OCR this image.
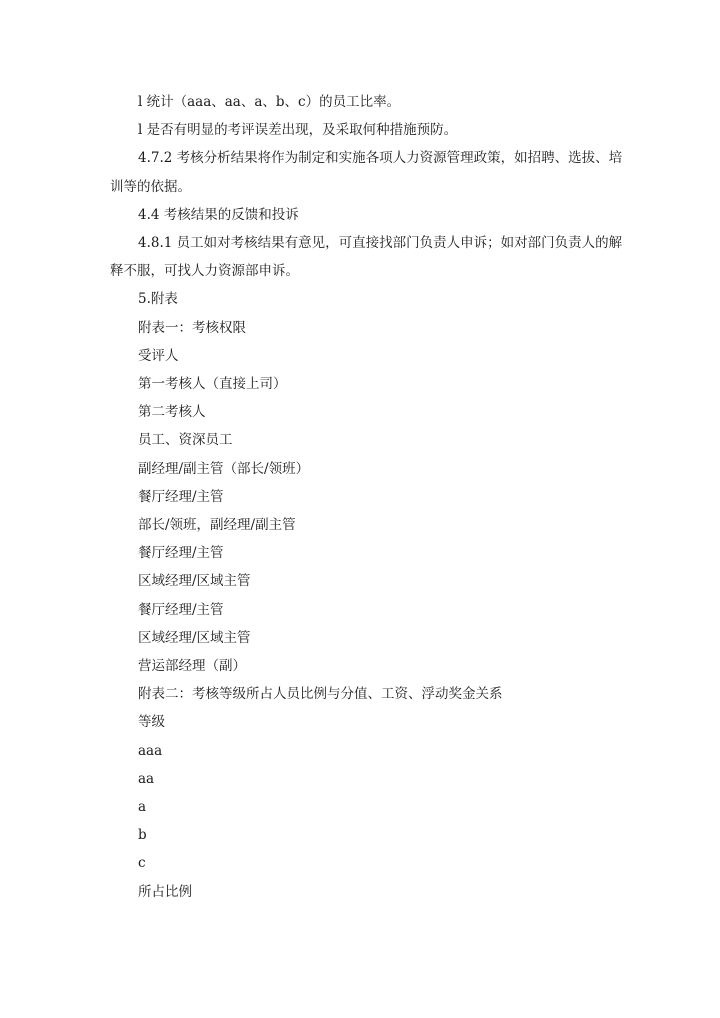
l 统计（aaa、aa、a、b、c）的员工比率。

l 是否有明显的考评误差出现，及采取何种措施预防。

4.7.2 考核分析结果将作为制定和实施各项人力资源管理政策，如招聘、选拔、培训等的依据。

4.4 考核结果的反馈和投诉

4.8.1 员工如对考核结果有意见，可直接找部门负责人申诉；如对部门负责人的解释不服，可找人力资源部申诉。

5.附表

附表一：考核权限

受评人

第一考核人（直接上司）

第二考核人

员工、资深员工

副经理/副主管（部长/领班）

餐厅经理/主管

部长/领班，副经理/副主管

餐厅经理/主管

区域经理/区域主管

餐厅经理/主管

区域经理/区域主管

营运部经理（副）

附表二：考核等级所占人员比例与分值、工资、浮动奖金关系

等级

aaa

aa

a

b

c

所占比例
